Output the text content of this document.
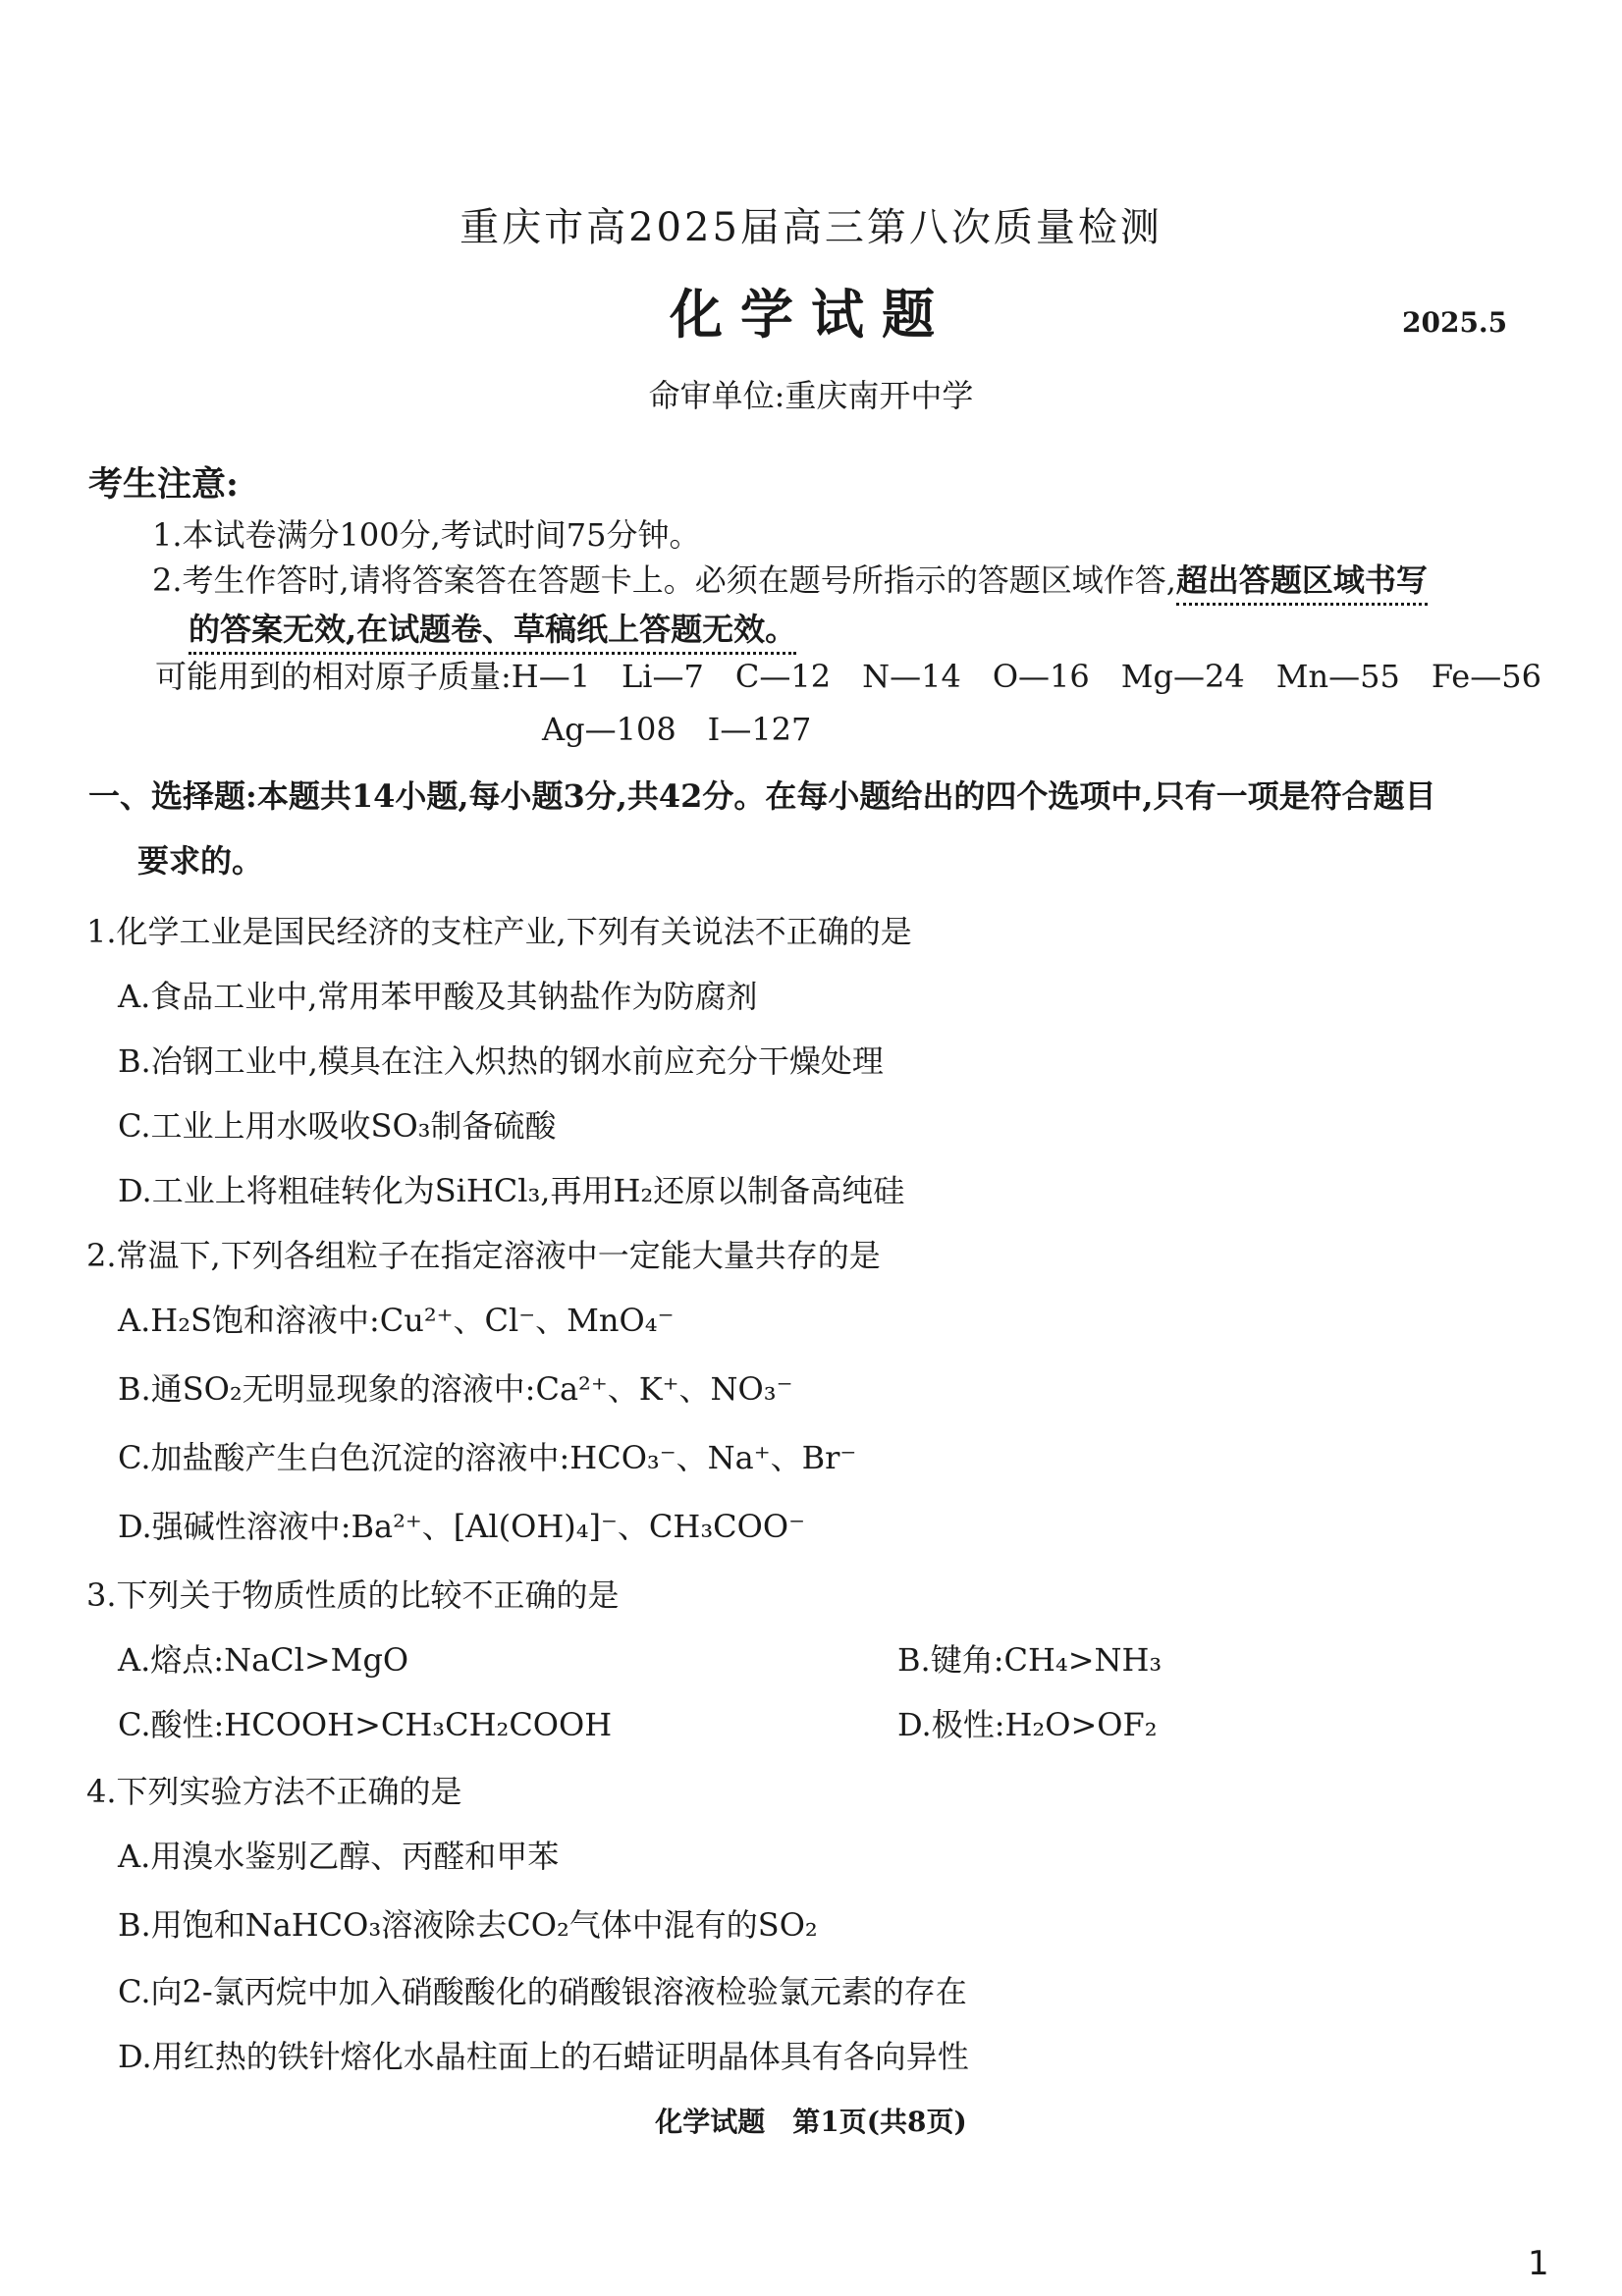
重庆市高2025届高三第八次质量检测
化学试题	2025.5
命审单位:重庆南开中学
考生注意:
1.本试卷满分100分,考试时间75分钟。
2.考生作答时,请将答案答在答题卡上。必须在题号所指示的答题区域作答,超出答题区域书写
的答案无效,在试题卷、草稿纸上答题无效。
可能用到的相对原子质量:H—1　Li—7　C—12　N—14　O—16　Mg—24　Mn—55　Fe—56
Ag—108　I—127
一、选择题:本题共14小题,每小题3分,共42分。在每小题给出的四个选项中,只有一项是符合题目
要求的。
1.化学工业是国民经济的支柱产业,下列有关说法不正确的是
A.食品工业中,常用苯甲酸及其钠盐作为防腐剂
B.冶钢工业中,模具在注入炽热的钢水前应充分干燥处理
C.工业上用水吸收SO₃制备硫酸
D.工业上将粗硅转化为SiHCl₃,再用H₂还原以制备高纯硅
2.常温下,下列各组粒子在指定溶液中一定能大量共存的是
A.H₂S饱和溶液中:Cu²⁺、Cl⁻、MnO₄⁻
B.通SO₂无明显现象的溶液中:Ca²⁺、K⁺、NO₃⁻
C.加盐酸产生白色沉淀的溶液中:HCO₃⁻、Na⁺、Br⁻
D.强碱性溶液中:Ba²⁺、[Al(OH)₄]⁻、CH₃COO⁻
3.下列关于物质性质的比较不正确的是
A.熔点:NaCl>MgO	B.键角:CH₄>NH₃
C.酸性:HCOOH>CH₃CH₂COOH	D.极性:H₂O>OF₂
4.下列实验方法不正确的是
A.用溴水鉴别乙醇、丙醛和甲苯
B.用饱和NaHCO₃溶液除去CO₂气体中混有的SO₂
C.向2-氯丙烷中加入硝酸酸化的硝酸银溶液检验氯元素的存在
D.用红热的铁针熔化水晶柱面上的石蜡证明晶体具有各向异性
化学试题　第1页(共8页)
1
